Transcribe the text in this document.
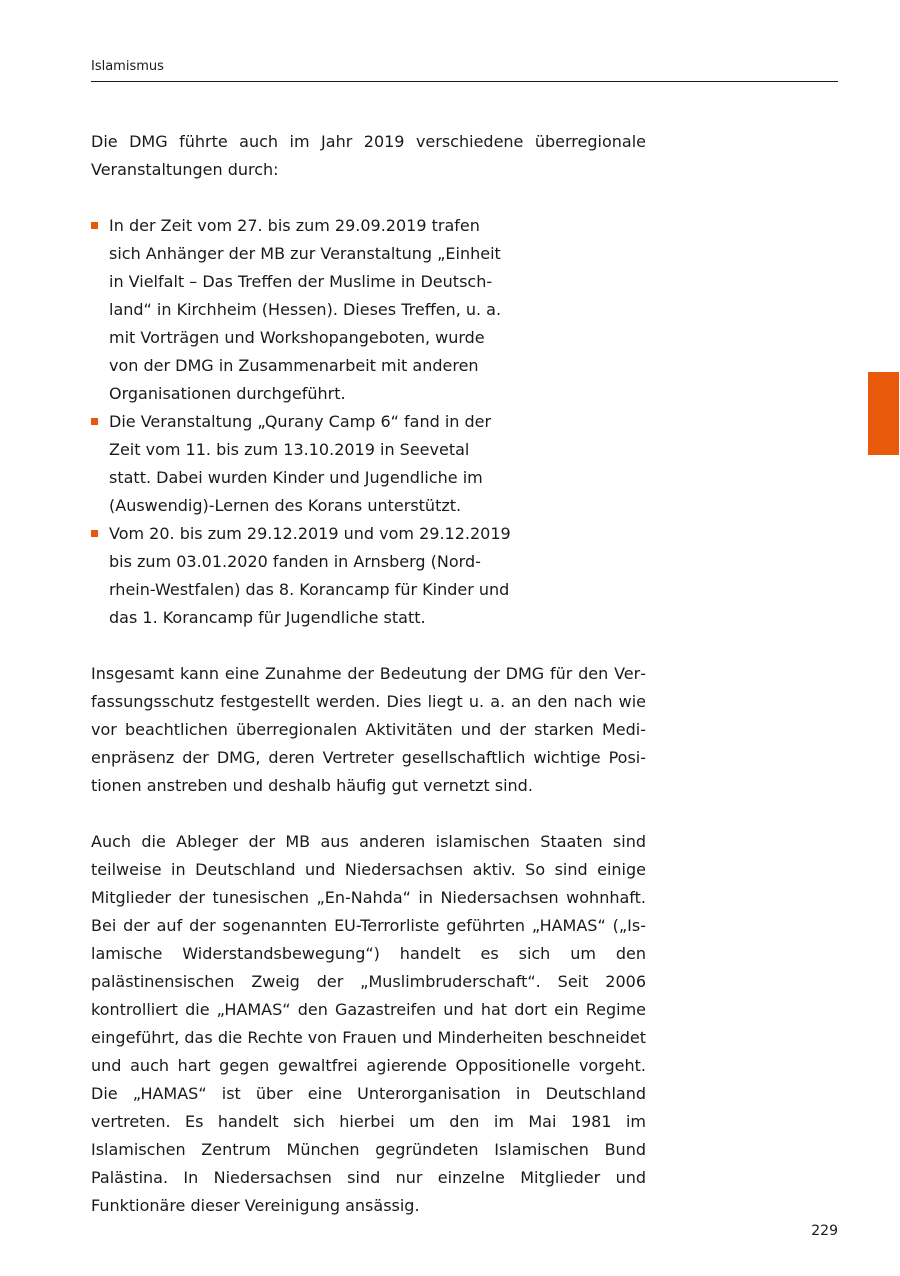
Islamismus

Die DMG führte auch im Jahr 2019 verschiedene überregionale Veranstaltungen durch:

In der Zeit vom 27. bis zum 29.09.2019 trafen sich Anhänger der MB zur Veranstaltung „Einheit in Vielfalt – Das Treffen der Muslime in Deutschland“ in Kirchheim (Hessen). Dieses Treffen, u. a. mit Vorträgen und Workshopangeboten, wurde von der DMG in Zusammenarbeit mit anderen Organisationen durchgeführt.
Die Veranstaltung „Qurany Camp 6“ fand in der Zeit vom 11. bis zum 13.10.2019 in Seevetal statt. Dabei wurden Kinder und Jugendliche im (Auswendig)-Lernen des Korans unterstützt.
Vom 20. bis zum 29.12.2019 und vom 29.12.2019 bis zum 03.01.2020 fanden in Arnsberg (Nordrhein-Westfalen) das 8. Korancamp für Kinder und das 1. Korancamp für Jugendliche statt.

Insgesamt kann eine Zunahme der Bedeutung der DMG für den Verfassungsschutz festgestellt werden. Dies liegt u. a. an den nach wie vor beachtlichen überregionalen Aktivitäten und der starken Medienpräsenz der DMG, deren Vertreter gesellschaftlich wichtige Positionen anstreben und deshalb häufig gut vernetzt sind.

Auch die Ableger der MB aus anderen islamischen Staaten sind teilweise in Deutschland und Niedersachsen aktiv. So sind einige Mitglieder der tunesischen „En-Nahda“ in Niedersachsen wohnhaft. Bei der auf der sogenannten EU-Terrorliste geführten „HAMAS“ („Islamische Widerstandsbewegung“) handelt es sich um den palästinensischen Zweig der „Muslimbruderschaft“. Seit 2006 kontrolliert die „HAMAS“ den Gazastreifen und hat dort ein Regime eingeführt, das die Rechte von Frauen und Minderheiten beschneidet und auch hart gegen gewaltfrei agierende Oppositionelle vorgeht. Die „HAMAS“ ist über eine Unterorganisation in Deutschland vertreten. Es handelt sich hierbei um den im Mai 1981 im Islamischen Zentrum München gegründeten Islamischen Bund Palästina. In Niedersachsen sind nur einzelne Mitglieder und Funktionäre dieser Vereinigung ansässig.

229
